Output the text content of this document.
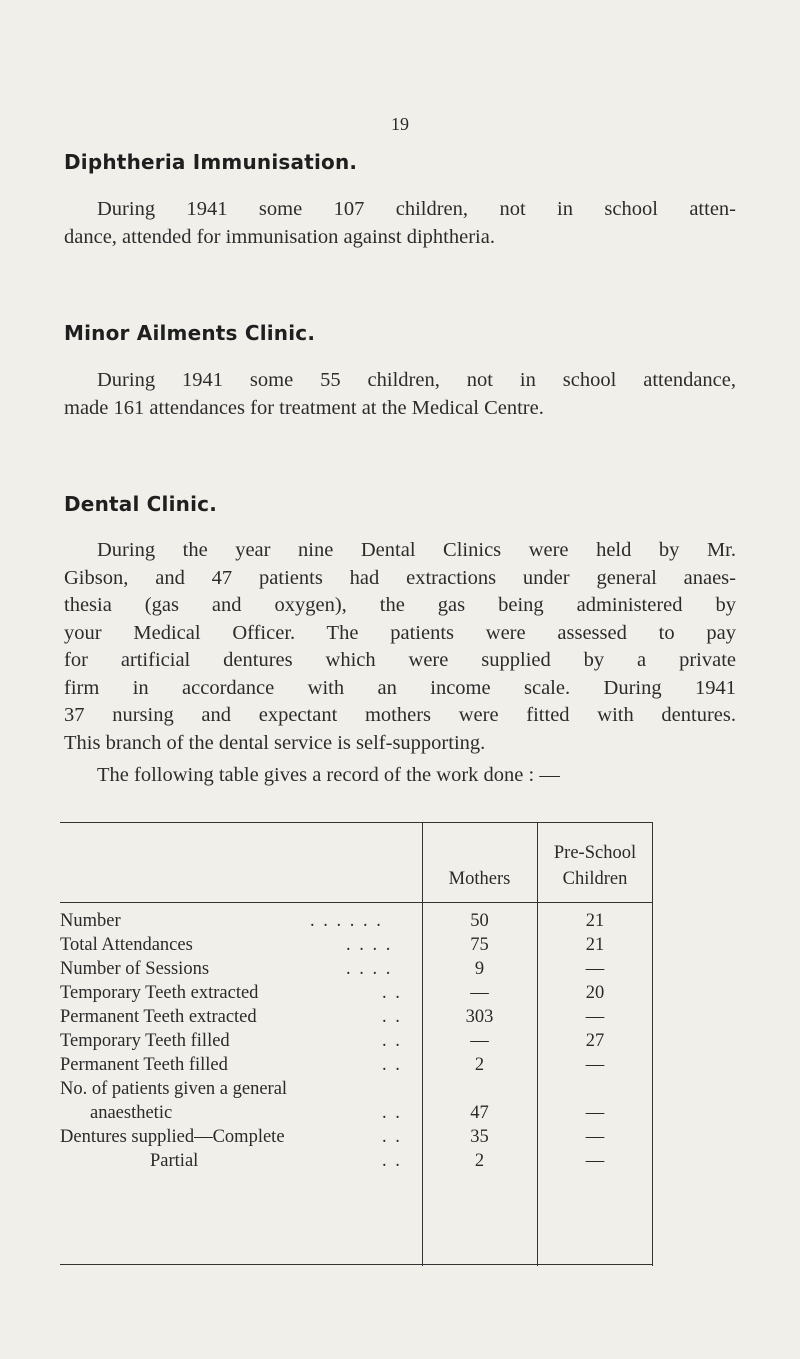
19
Diphtheria Immunisation.
During 1941 some 107 children, not in school atten-
dance, attended for immunisation against diphtheria.
Minor Ailments Clinic.
During 1941 some 55 children, not in school attendance,
made 161 attendances for treatment at the Medical Centre.
Dental Clinic.
During the year nine Dental Clinics were held by Mr.
Gibson, and 47 patients had extractions under general anaes-
thesia (gas and oxygen), the gas being administered by
your Medical Officer. The patients were assessed to pay
for artificial dentures which were supplied by a private
firm in accordance with an income scale. During 1941
37 nursing and expectant mothers were fitted with dentures.
This branch of the dental service is self-supporting.
The following table gives a record of the work done : —
Mothers
Pre-School
Children
Number	. . . . . .	50	21
Total Attendances	. . . .	75	21
Number of Sessions	. . . .	9	—
Temporary Teeth extracted	. .	—	20
Permanent Teeth extracted	. .	303	—
Temporary Teeth filled	. .	—	27
Permanent Teeth filled	. .	2	—
No. of patients given a general
anaesthetic	. .	47	—
Dentures supplied—Complete	. .	35	—
Partial	. .	2	—
